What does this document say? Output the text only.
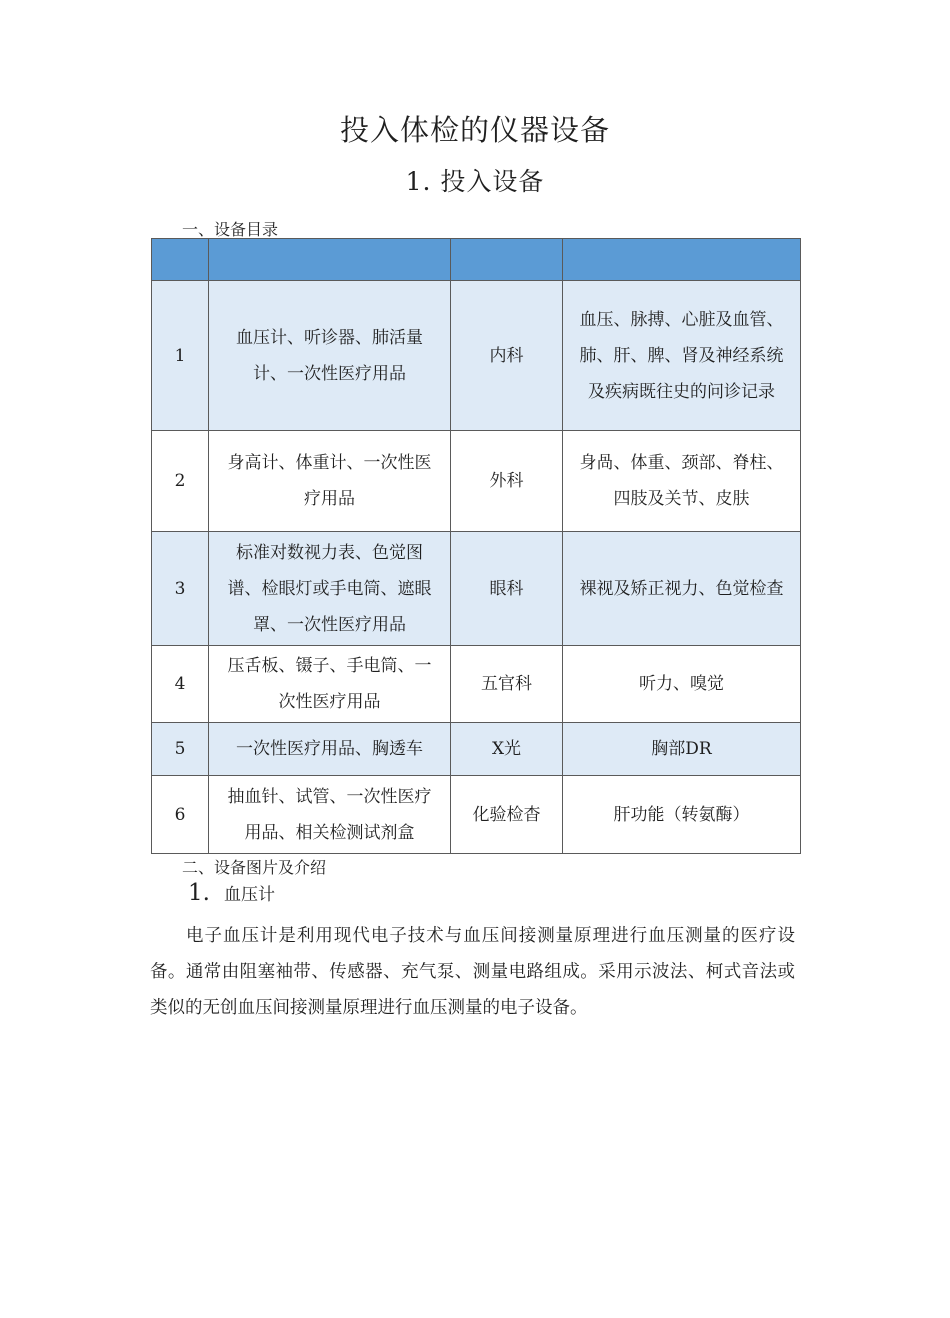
投入体检的仪器设备
1. 投入设备
一、设备目录

1	血压计、听诊器、肺活量计、一次性医疗用品	内科	血压、脉搏、心脏及血管、肺、肝、脾、肾及神经系统及疾病既往史的问诊记录
2	身高计、体重计、一次性医疗用品	外科	身咼、体重、颈部、脊柱、四肢及关节、皮肤
3	标准对数视力表、色觉图谱、检眼灯或手电筒、遮眼罩、一次性医疗用品	眼科	裸视及矫正视力、色觉检查
4	压舌板、镊子、手电筒、一次性医疗用品	五官科	听力、嗅觉
5	一次性医疗用品、胸透车	X光	胸部DR
6	抽血针、试管、一次性医疗用品、相关检测试剂盒	化验检杳	肝功能（转氨酶）
二、设备图片及介绍
1. 血压计
电子血压计是利用现代电子技术与血压间接测量原理进行血压测量的医疗设备。通常由阻塞袖带、传感器、充气泵、测量电路组成。采用示波法、柯式音法或类似的无创血压间接测量原理进行血压测量的电子设备。
